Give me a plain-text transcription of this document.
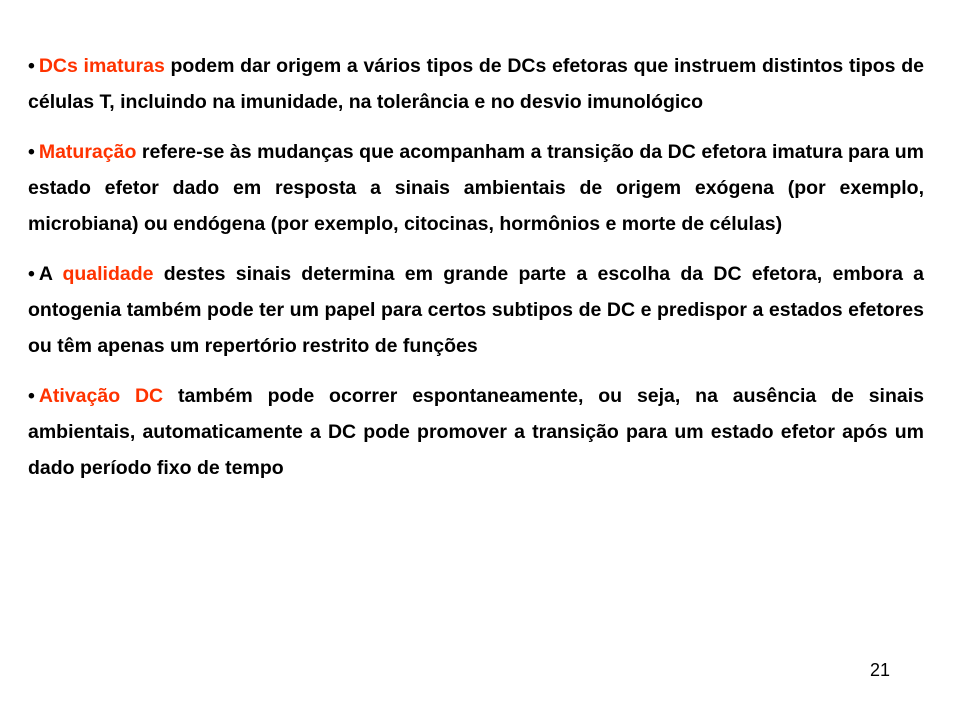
• DCs imaturas podem dar origem a vários tipos de DCs efetoras que instruem distintos tipos de células T, incluindo na imunidade, na tolerância e no desvio imunológico

• Maturação refere-se às mudanças que acompanham a transição da DC efetora imatura para um estado efetor dado em resposta a sinais ambientais de origem exógena (por exemplo, microbiana) ou endógena (por exemplo, citocinas, hormônios e morte de células)

• A qualidade destes sinais determina em grande parte a escolha da DC efetora, embora a ontogenia também pode ter um papel para certos subtipos de DC e predispor a estados efetores ou têm apenas um repertório restrito de funções

• Ativação DC também pode ocorrer espontaneamente, ou seja, na ausência de sinais ambientais, automaticamente a DC pode promover a transição para um estado efetor após um dado período fixo de tempo

21
